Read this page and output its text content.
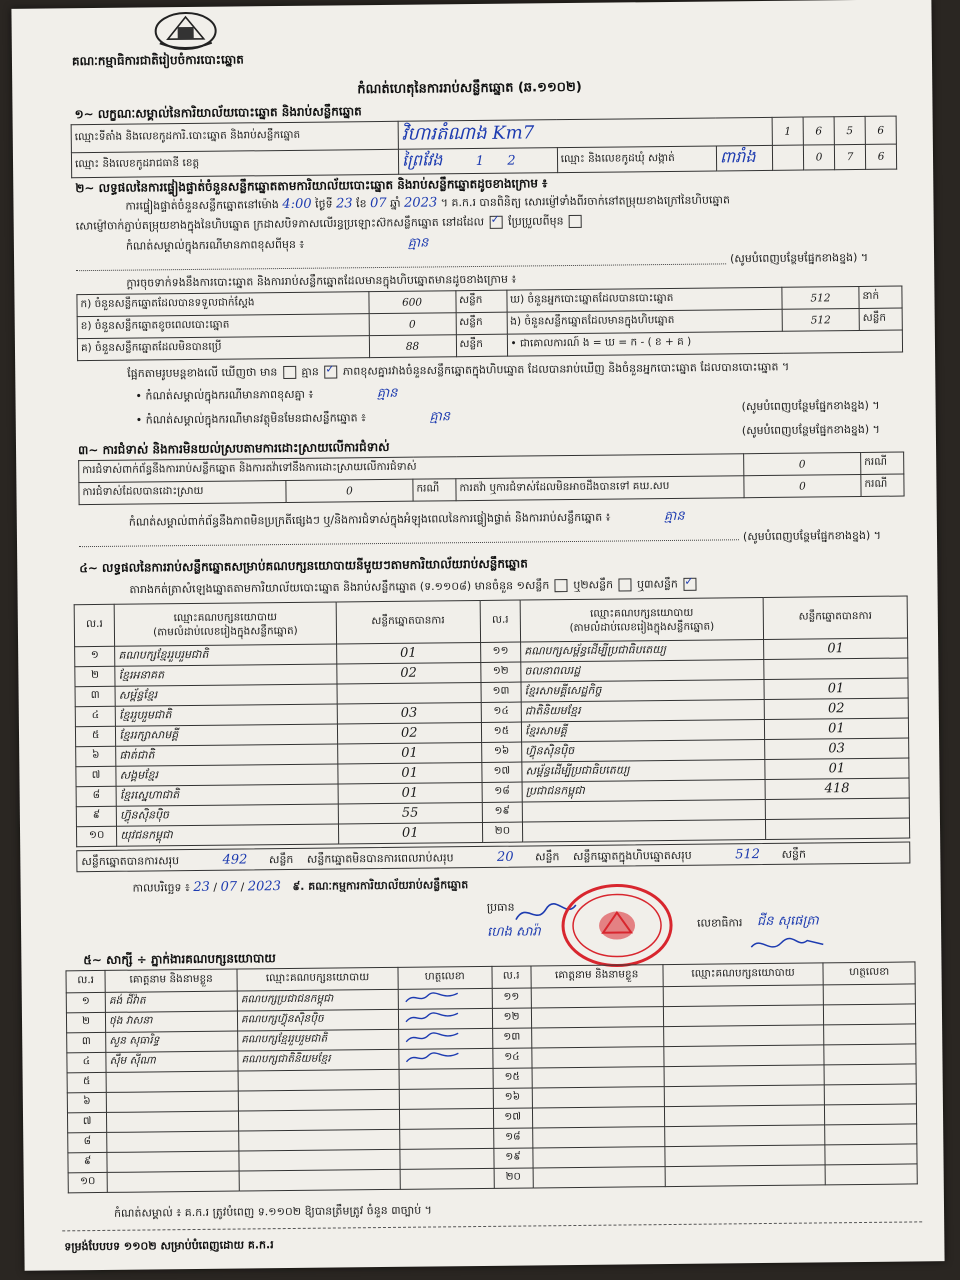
គណៈកម្មាធិការជាតិរៀបចំការបោះឆ្នោត
កំណត់ហេតុនៃការរាប់សន្លឹកឆ្នោត (ឆ.១១០២)
១~ លក្ខណៈសម្គាល់នៃការិយាល័យបោះឆ្នោត និងរាប់សន្លឹកឆ្នោត
ឈ្មោះទីតាំង និងលេខកូដការិ.បោះឆ្នោត និងរាប់សន្លឹកឆ្នោត	វិហារតំណាង Km7			1	6	5	6
ឈ្មោះ និងលេខកូដរាជធានី ខេត្ត	ព្រៃវែង 1 2	ឈ្មោះ និងលេខកូដឃុំ សង្កាត់	ពារាំង		0	7	6
២~ លទ្ធផលនៃការផ្ទៀងផ្ទាត់ចំនួនសន្លឹកឆ្នោតតាមការិយាល័យបោះឆ្នោត និងរាប់សន្លឹកឆ្នោតដូចខាងក្រោម ៖
ការផ្ទៀងផ្ទាត់ចំនួនសន្លឹកឆ្នោតនៅម៉ោង 4:00 ថ្ងៃទី 23 ខែ 07 ឆ្នាំ 2023 ។ គ.ក.រ បានពិនិត្យ សោរម្ញ៉ៅទាំងពីរចាក់នៅតម្រុយខាងក្រៅនៃហិបឆ្នោត
សោម្ញ៉ៅចាក់ភ្ជាប់តម្រុយខាងក្នុងនៃហិបឆ្នោត ក្រដាសបិទភាសលើរន្ធប្រឡោះស៊កសន្លឹកឆ្នោត នៅដដែល ✓ ប្រែប្រួលពីមុន
កំណត់សម្គាល់ក្នុងករណីមានភាពខុសពីមុន ៖	គ្មាន
(សូមបំពេញបន្ថែមផ្នែកខាងខ្នង) ។
ក្តារចុចទាក់ទងនឹងការបោះឆ្នោត និងការរាប់សន្លឹកឆ្នោតដែលមានក្នុងហិបឆ្នោតមានដូចខាងក្រោម ៖
ក) ចំនួនសន្លឹកឆ្នោតដែលបានទទួលជាក់ស្តែង	600	សន្លឹក	ឃ) ចំនួនអ្នកបោះឆ្នោតដែលបានបោះឆ្នោត	512	នាក់
ខ) ចំនួនសន្លឹកឆ្នោតខូចពេលបោះឆ្នោត	0	សន្លឹក	ង) ចំនួនសន្លឹកឆ្នោតដែលមានក្នុងហិបឆ្នោត	512	សន្លឹក
គ) ចំនួនសន្លឹកឆ្នោតដែលមិនបានប្រើ	88	សន្លឹក	• ជាគោលការណ៍ ង = ឃ = ក - ( ខ + គ )		
ផ្អែកតាមរូបមន្តខាងលើ ឃើញថា មាន គ្មាន ✓ ភាពខុសគ្នារវាងចំនួនសន្លឹកឆ្នោតក្នុងហិបឆ្នោត ដែលបានរាប់ឃើញ និងចំនួនអ្នកបោះឆ្នោត ដែលបានបោះឆ្នោត ។
• កំណត់សម្គាល់ក្នុងករណីមានភាពខុសគ្នា ៖	គ្មាន
(សូមបំពេញបន្ថែមផ្នែកខាងខ្នង) ។
• កំណត់សម្គាល់ក្នុងករណីមានវត្ថុមិនមែនជាសន្លឹកឆ្នោត ៖	គ្មាន
(សូមបំពេញបន្ថែមផ្នែកខាងខ្នង) ។
៣~ ការជំទាស់ និងការមិនយល់ស្របតាមការដោះស្រាយលើការជំទាស់
ការជំទាស់ពាក់ព័ន្ធនឹងការរាប់សន្លឹកឆ្នោត និងការតវ៉ាទៅនឹងការដោះស្រាយលើការជំទាស់				0	ករណី
ការជំទាស់ដែលបានដោះស្រាយ	0	ករណី	ការតវ៉ា ឬការជំទាស់ដែលមិនអាចដឹងបានទៅ គឃ.សប	0	ករណី
កំណត់សម្គាល់ពាក់ព័ន្ធនឹងភាពមិនប្រក្រតីផ្សេងៗ ឬ/និងការជំទាស់ក្នុងអំឡុងពេលនៃការផ្ទៀងផ្ទាត់ និងការរាប់សន្លឹកឆ្នោត ៖	គ្មាន
(សូមបំពេញបន្ថែមផ្នែកខាងខ្នង) ។
៤~ លទ្ធផលនៃការរាប់សន្លឹកឆ្នោតសម្រាប់គណបក្សនយោបាយនីមួយៗតាមការិយាល័យរាប់សន្លឹកឆ្នោត
តារាងកត់ត្រាសំឡេងឆ្នោតតាមការិយាល័យបោះឆ្នោត និងរាប់សន្លឹកឆ្នោត (ទ.១១០៨) មានចំនួន ១សន្លឹក ឬ២សន្លឹក ឬ៣សន្លឹក ✓
ល.រ	ឈ្មោះគណបក្សនយោបាយ
(តាមលំដាប់លេខរៀងក្នុងសន្លឹកឆ្នោត)	សន្លឹកឆ្នោតបានការ	ល.រ	ឈ្មោះគណបក្សនយោបាយ
(តាមលំដាប់លេខរៀងក្នុងសន្លឹកឆ្នោត)	សន្លឹកឆ្នោតបានការ
១	គណបក្សខ្មែររួបរួមជាតិ	01	១១	គណបក្សសម្ព័ន្ធដើម្បីប្រជាធិបតេយ្យ	01
២	ខ្មែរអនាគត	02	១២	ចលនាពលរដ្ឋ	
៣	សម្ព័ន្ធខ្មែរ		១៣	ខ្មែរសាមគ្គីសេដ្ឋកិច្ច	01
៤	ខ្មែររួបរួមជាតិ	03	១៤	ជាតិនិយមខ្មែរ	02
៥	ខ្មែររក្សាសាមគ្គី	02	១៥	ខ្មែរសាមគ្គី	01
៦	ផាត់ជាតិ	01	១៦	ហ៊្វុនស៊ិនប៉ិច	03
៧	សង្គមខ្មែរ	01	១៧	សម្ព័ន្ធដើម្បីប្រជាធិបតេយ្យ	01
៨	ខ្មែរស្នេហាជាតិ	01	១៨	ប្រជាជនកម្ពុជា	418
៩	ហ៊្វុនស៊ិនប៉ិច	55	១៩		
១០	យុវជនកម្ពុជា	01	២០		
សន្លឹកឆ្នោតបានការសរុប	492 សន្លឹក សន្លឹកឆ្នោតមិនបានការពេលរាប់សរុប	20 សន្លឹក សន្លឹកឆ្នោតក្នុងហិបឆ្នោតសរុប	512 សន្លឹក
កាលបរិច្ឆេទ ៖ 23 / 07 / 2023 ៩. គណៈកម្មការការិយាល័យរាប់សន្លឹកឆ្នោត
ប្រធាន
ហេង សារ៉ា
លេខាធិការ ជីន សុផេត្រា
៥~ សាក្សី ÷ ភ្នាក់ងារគណបក្សនយោបាយ
ល.រ	គោត្តនាម និងនាមខ្លួន	ឈ្មោះគណបក្សនយោបាយ	ហត្ថលេខា	ល.រ	គោត្តនាម និងនាមខ្លួន	ឈ្មោះគណបក្សនយោបាយ	ហត្ថលេខា
១	គង់ ជីវ៉ាត	គណបក្សប្រជាជនកម្ពុជា		១១			
២	ថុង វាសនា	គណបក្សហ៊្វុនស៊ិនប៉ិច		១២			
៣	សួន សុធារិទ្ធ	គណបក្សខ្មែររួបរួមជាតិ		១៣			
៤	ស៊ឹម ស៊ីណា	គណបក្សជាតិនិយមខ្មែរ		១៤			
៥				១៥			
៦				១៦			
៧				១៧			
៨				១៨			
៩				១៩			
១០				២០			
កំណត់សម្គាល់ ៖ គ.ក.រ ត្រូវបំពេញ ទ.១១០២ ឱ្យបានត្រឹមត្រូវ ចំនួន ៣ច្បាប់ ។
ទម្រង់បែបបទ ១១០២ សម្រាប់បំពេញដោយ គ.ក.រ
